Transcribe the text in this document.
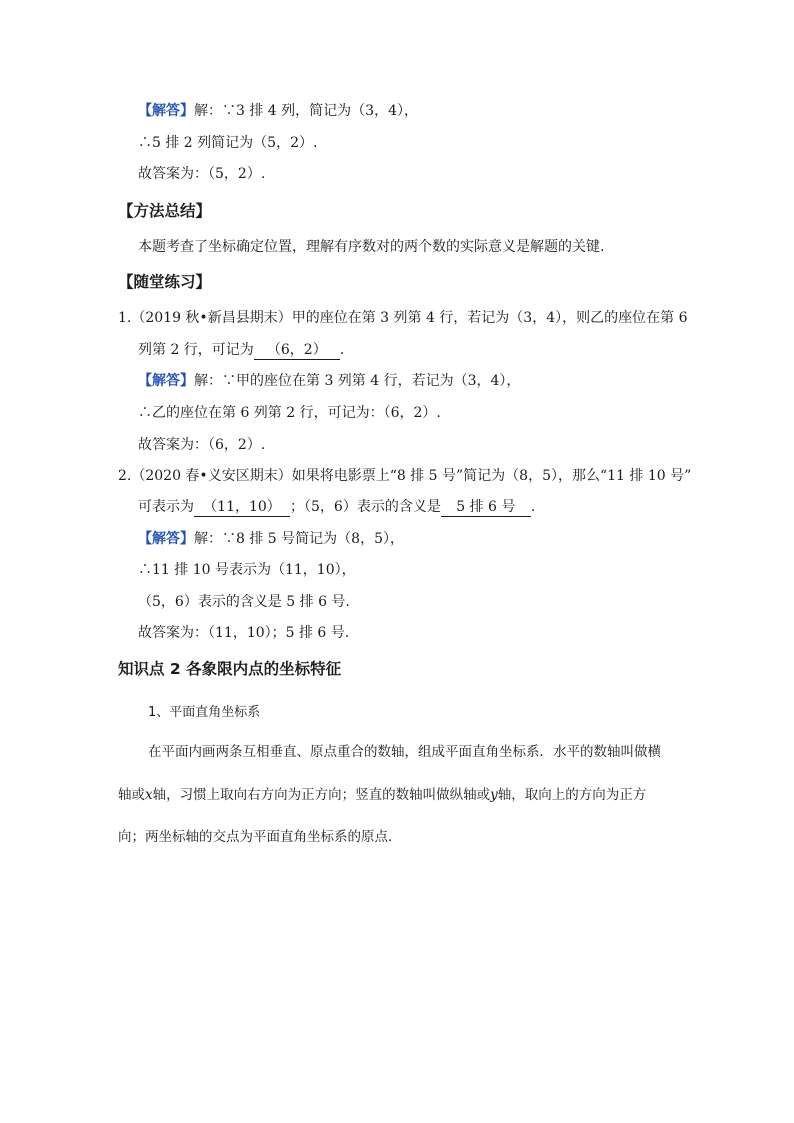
【解答】解：∵3 排 4 列，简记为（3，4），
∴5 排 2 列简记为（5，2）.
故答案为：（5，2）.
【方法总结】
本题考查了坐标确定位置，理解有序数对的两个数的实际意义是解题的关键.
【随堂练习】
1.（2019 秋•新昌县期末）甲的座位在第 3 列第 4 行，若记为（3，4），则乙的座位在第 6
列第 2 行，可记为 （6，2） .
【解答】解：∵甲的座位在第 3 列第 4 行，若记为（3，4），
∴乙的座位在第 6 列第 2 行，可记为：（6，2）.
故答案为：（6，2）.
2.（2020 春•义安区期末）如果将电影票上“8 排 5 号”简记为（8，5），那么“11 排 10 号”
可表示为 （11，10） ；（5，6）表示的含义是 5 排 6 号 .
【解答】解：∵8 排 5 号简记为（8，5），
∴11 排 10 号表示为（11，10），
（5，6）表示的含义是 5 排 6 号.
故答案为：（11，10）；5 排 6 号.
知识点 2 各象限内点的坐标特征
1、平面直角坐标系
在平面内画两条互相垂直、原点重合的数轴，组成平面直角坐标系．水平的数轴叫做横
轴或x轴，习惯上取向右方向为正方向；竖直的数轴叫做纵轴或y轴，取向上的方向为正方
向；两坐标轴的交点为平面直角坐标系的原点．
